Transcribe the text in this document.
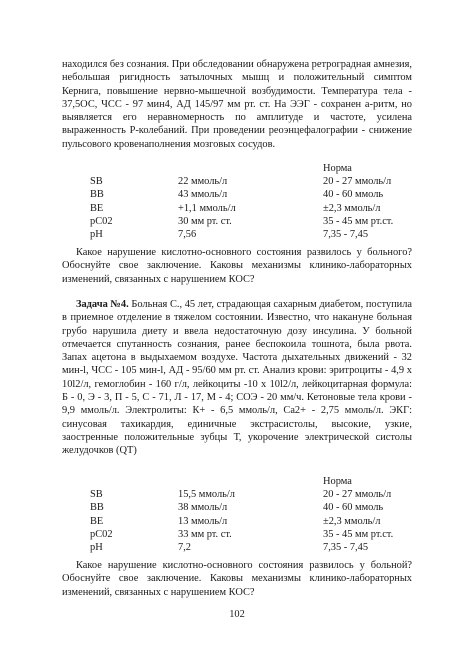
находился без сознания. При обследовании обнаружена ретроградная амнезия, небольшая ригидность затылочных мышц и положительный симптом Кернига, повышение нервно-мышечной возбудимости. Температура тела - 37,5ОС, ЧСС - 97 мин4, АД 145/97 мм рт. ст. На ЭЭГ - сохранен а-ритм, но выявляется его неравномерность по амплитуде и частоте, усилена выраженность Р-колебаний. При проведении реоэнцефалографии - снижение пульсового кровенаполнения мозговых сосудов.

Норма
SB	22 ммоль/л	20 - 27 ммоль/л
ВВ	43 ммоль/л	40 - 60 ммоль
BE	+1,1 ммоль/л	±2,3 ммоль/л
рС02	30 мм рт. ст.	35 - 45 мм рт.ст.
рН	7,56	7,35 - 7,45

Какое нарушение кислотно-основного состояния развилось у больного? Обоснуйте свое заключение. Каковы механизмы клинико-лабораторных изменений, связанных с нарушением КОС?

Задача №4. Больная С., 45 лет, страдающая сахарным диабетом, поступила в приемное отделение в тяжелом состоянии. Известно, что накануне больная грубо нарушила диету и ввела недостаточную дозу инсулина. У больной отмечается спутанность сознания, ранее беспокоила тошнота, была рвота. Запах ацетона в выдыхаемом воздухе. Частота дыхательных движений - 32 мин-l, ЧСС - 105 мин-l, АД - 95/60 мм рт. ст. Анализ крови: эритроциты - 4,9 х 10l2/л, гемоглобин - 160 г/л, лейкоциты -10 х 10l2/л, лейкоцитарная формула: Б - 0, Э - 3, П - 5, С - 71, Л - 17, М - 4; СОЭ - 20 мм/ч. Кетоновые тела крови - 9,9 ммоль/л. Электролиты: К+ - 6,5 ммоль/л, Са2+ - 2,75 ммоль/л. ЭКГ: синусовая тахикардия, единичные экстрасистолы, высокие, узкие, заостренные положительные зубцы Т, укорочение электрической систолы желудочков (QT)

Норма
SB	15,5 ммоль/л	20 - 27 ммоль/л
ВВ	38 ммоль/л	40 - 60 ммоль
BE	13 ммоль/л	±2,3 ммоль/л
рС02	33 мм рт. ст.	35 - 45 мм рт.ст.
рН	7,2	7,35 - 7,45

Какое нарушение кислотно-основного состояния развилось у больной? Обоснуйте свое заключение. Каковы механизмы клинико-лабораторных изменений, связанных с нарушением КОС?

102
